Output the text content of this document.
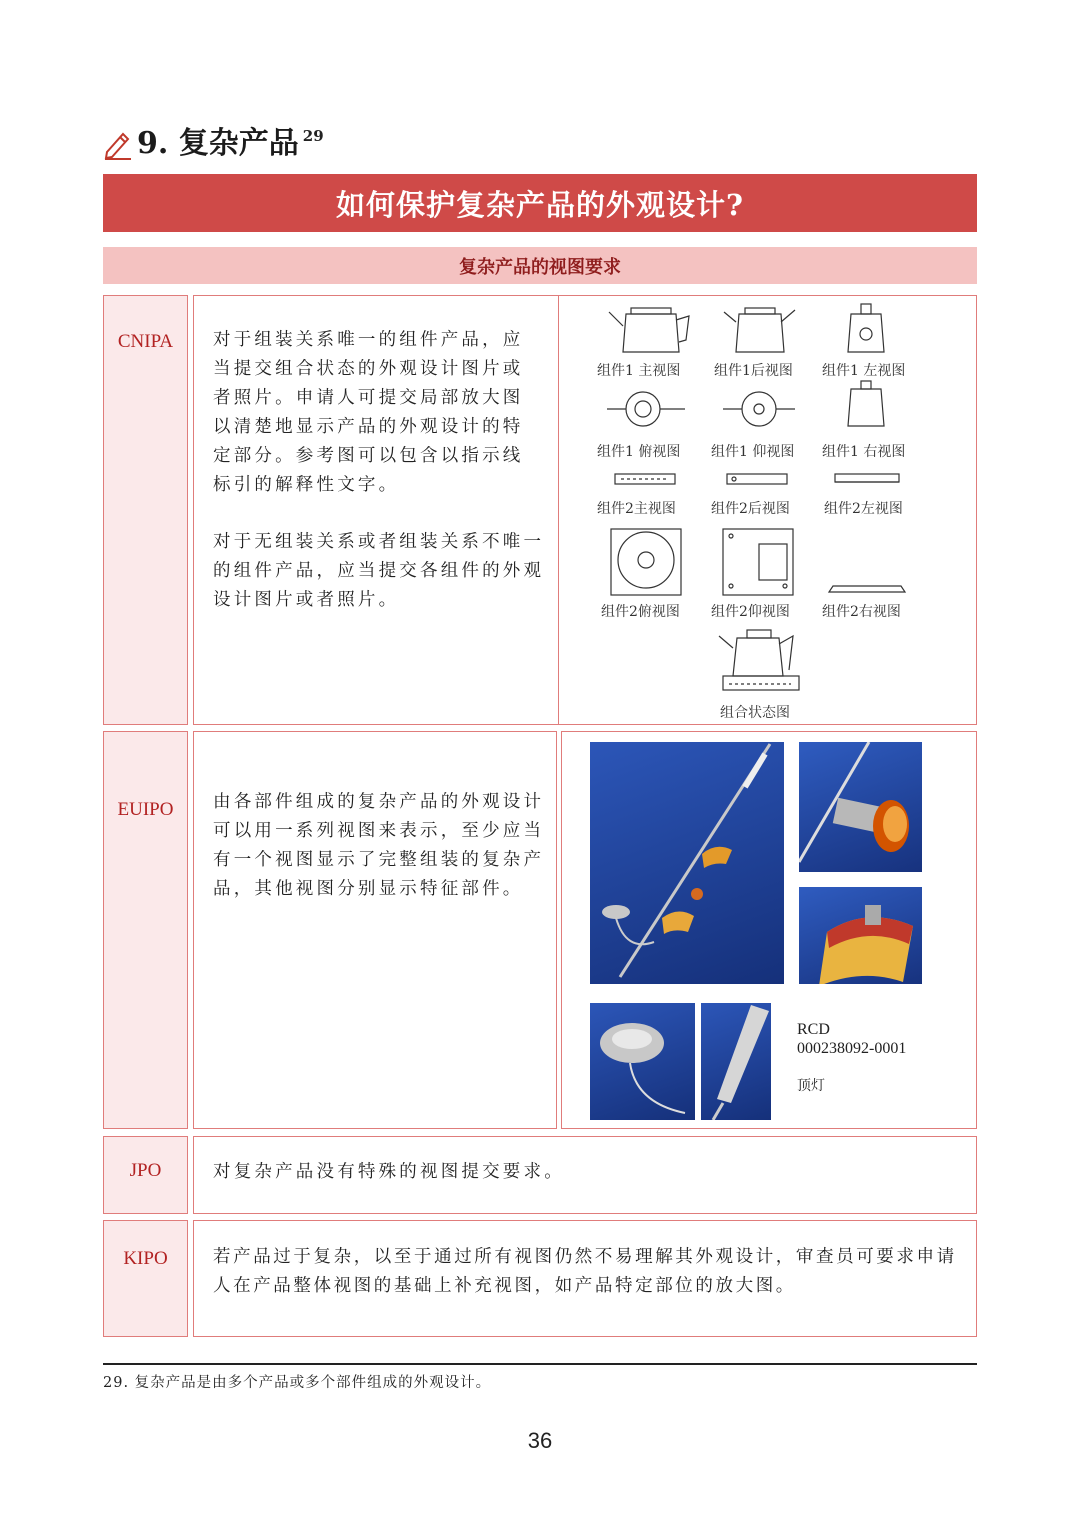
9. 复杂产品 29
如何保护复杂产品的外观设计?
复杂产品的视图要求
CNIPA 对于组装关系唯一的组件产品，应
当提交组合状态的外观设计图片或
者照片。申请人可提交局部放大图
以清楚地显示产品的外观设计的特
定部分。参考图可以包含以指示线
标引的解释性文字。
对于无组装关系或者组装关系不唯一
的组件产品，应当提交各组件的外观
设计图片或者照片。
组件1 主视图 组件1后视图 组件1 左视图
组件1 俯视图 组件1 仰视图 组件1 右视图
组件2主视图	组件2后视图 组件2左视图
组件2俯视图 组件2仰视图 组件2右视图
组合状态图
EUIPO 由各部件组成的复杂产品的外观设计
可以用一系列视图来表示，至少应当
有一个视图显示了完整组装的复杂产
品，其他视图分别显示特征部件。
RCD
000238092-0001
顶灯
JPO	对复杂产品没有特殊的视图提交要求。
KIPO	若产品过于复杂，以至于通过所有视图仍然不易理解其外观设计，审查员可要求申请
人在产品整体视图的基础上补充视图，如产品特定部位的放大图。
29. 复杂产品是由多个产品或多个部件组成的外观设计。
36
